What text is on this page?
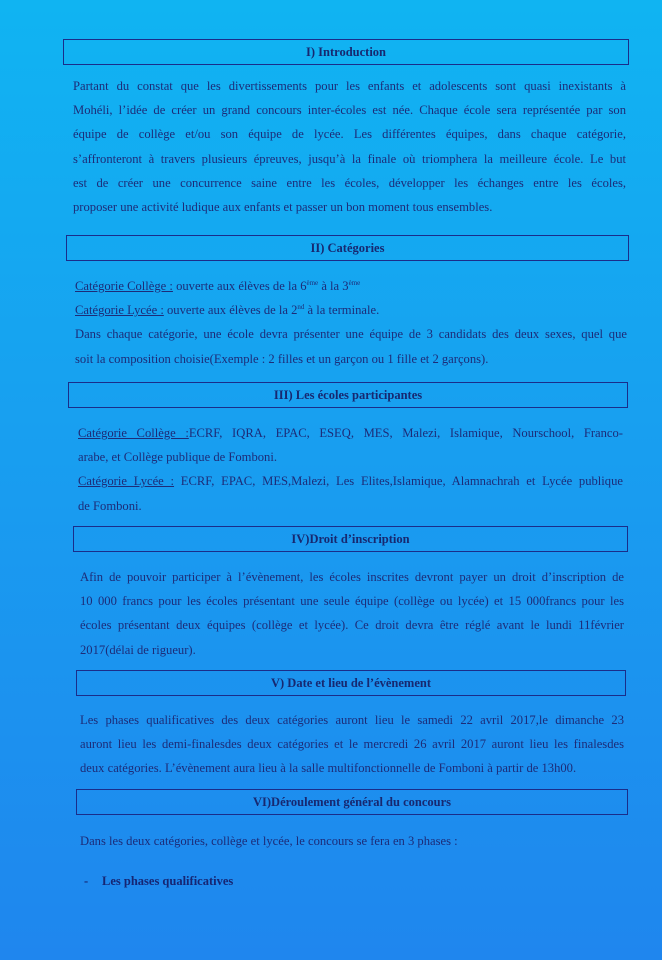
I) Introduction
Partant du constat que les divertissements pour les enfants et adolescents sont quasi inexistants à
Mohéli, l’idée de créer un grand concours inter-écoles est née. Chaque école sera représentée par son
équipe de collège et/ou son équipe de lycée. Les différentes équipes, dans chaque catégorie,
s’affronteront à travers plusieurs épreuves, jusqu’à la finale où triomphera la meilleure école. Le but
est de créer une concurrence saine entre les écoles, développer les échanges entre les écoles,
proposer une activité ludique aux enfants et passer un bon moment tous ensembles.
II) Catégories
Catégorie Collège : ouverte aux élèves de la 6ème à la 3ème
Catégorie Lycée : ouverte aux élèves de la 2nd à la terminale.
Dans chaque catégorie, une école devra présenter une équipe de 3 candidats des deux sexes, quel que
soit la composition choisie(Exemple : 2 filles et un garçon ou 1 fille et 2 garçons).
III) Les écoles participantes
Catégorie Collège :ECRF, IQRA, EPAC, ESEQ, MES, Malezi, Islamique, Nourschool, Franco-
arabe, et Collège publique de Fomboni.
Catégorie Lycée : ECRF, EPAC, MES,Malezi, Les Elites,Islamique, Alamnachrah et Lycée publique
de Fomboni.
IV)Droit d’inscription
Afin de pouvoir participer à l’évènement, les écoles inscrites devront payer un droit d’inscription de
10 000 francs pour les écoles présentant une seule équipe (collège ou lycée) et 15 000francs pour les
écoles présentant deux équipes (collège et lycée). Ce droit devra être réglé avant le lundi 11février
2017(délai de rigueur).
V) Date et lieu de l’évènement
Les phases qualificatives des deux catégories auront lieu le samedi 22 avril 2017,le dimanche 23
auront lieu les demi-finalesdes deux catégories et le mercredi 26 avril 2017 auront lieu les finalesdes
deux catégories. L’évènement aura lieu à la salle multifonctionnelle de Fomboni à partir de 13h00.
VI)Déroulement général du concours
Dans les deux catégories, collège et lycée, le concours se fera en 3 phases :
- Les phases qualificatives
